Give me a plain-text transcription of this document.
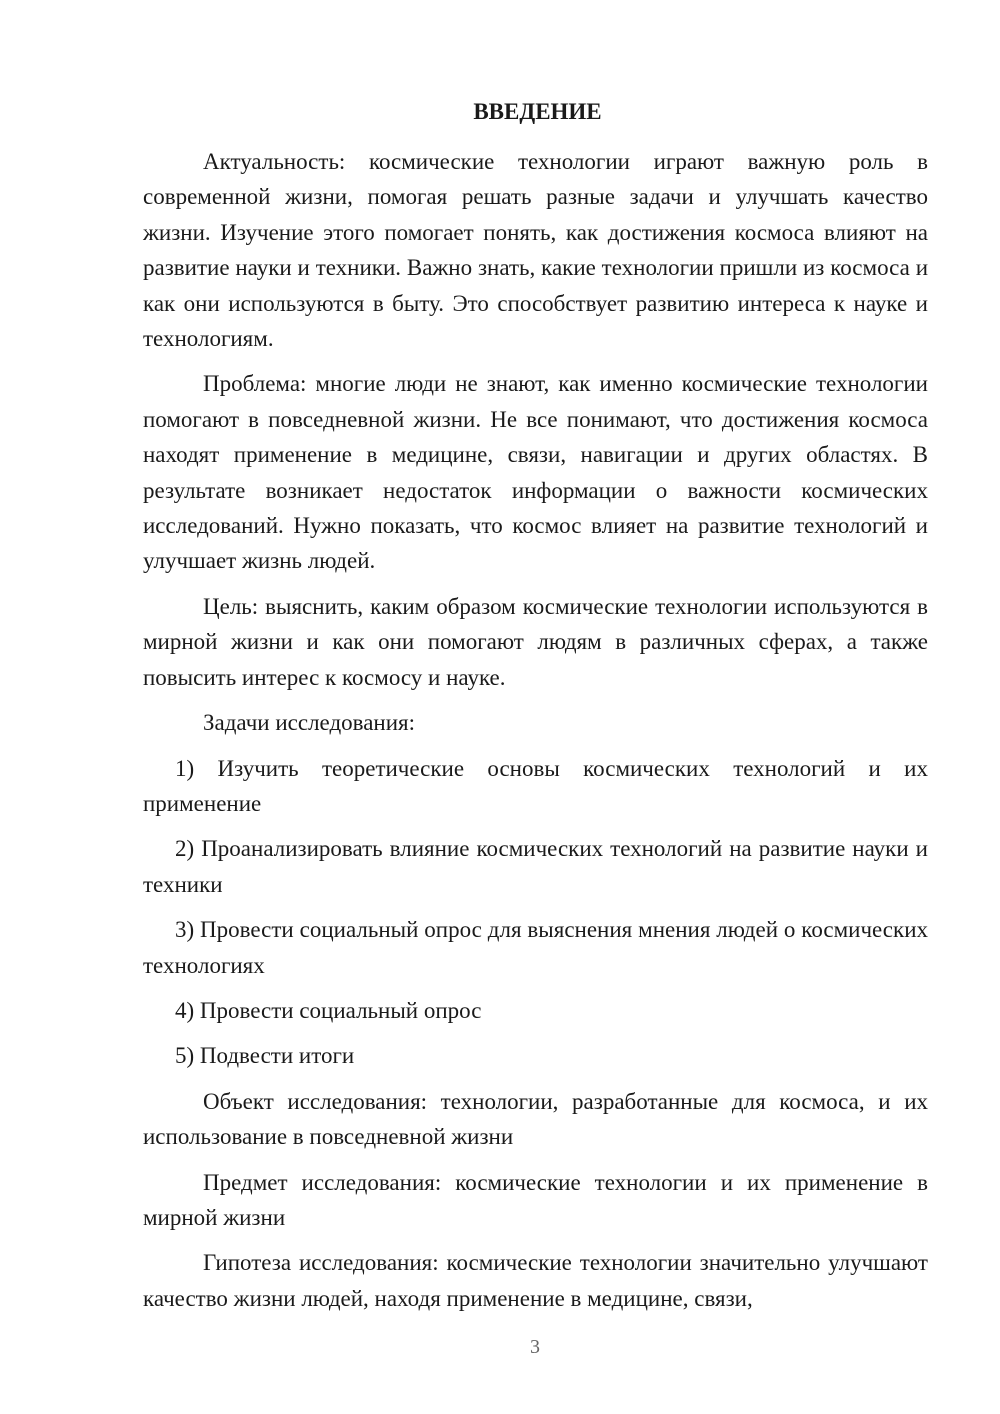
ВВЕДЕНИЕ

Актуальность: космические технологии играют важную роль в современной жизни, помогая решать разные задачи и улучшать качество жизни. Изучение этого помогает понять, как достижения космоса влияют на развитие науки и техники. Важно знать, какие технологии пришли из космоса и как они используются в быту. Это способствует развитию интереса к науке и технологиям.

Проблема: многие люди не знают, как именно космические технологии помогают в повседневной жизни. Не все понимают, что достижения космоса находят применение в медицине, связи, навигации и других областях. В результате возникает недостаток информации о важности космических исследований. Нужно показать, что космос влияет на развитие технологий и улучшает жизнь людей.

Цель: выяснить, каким образом космические технологии используются в мирной жизни и как они помогают людям в различных сферах, а также повысить интерес к космосу и науке.

Задачи исследования:

1) Изучить теоретические основы космических технологий и их применение

2) Проанализировать влияние космических технологий на развитие науки и техники

3) Провести социальный опрос для выяснения мнения людей о космических технологиях

4) Провести социальный опрос

5) Подвести итоги

Объект исследования: технологии, разработанные для космоса, и их использование в повседневной жизни

Предмет исследования: космические технологии и их применение в мирной жизни

Гипотеза исследования: космические технологии значительно улучшают качество жизни людей, находя применение в медицине, связи,

3
